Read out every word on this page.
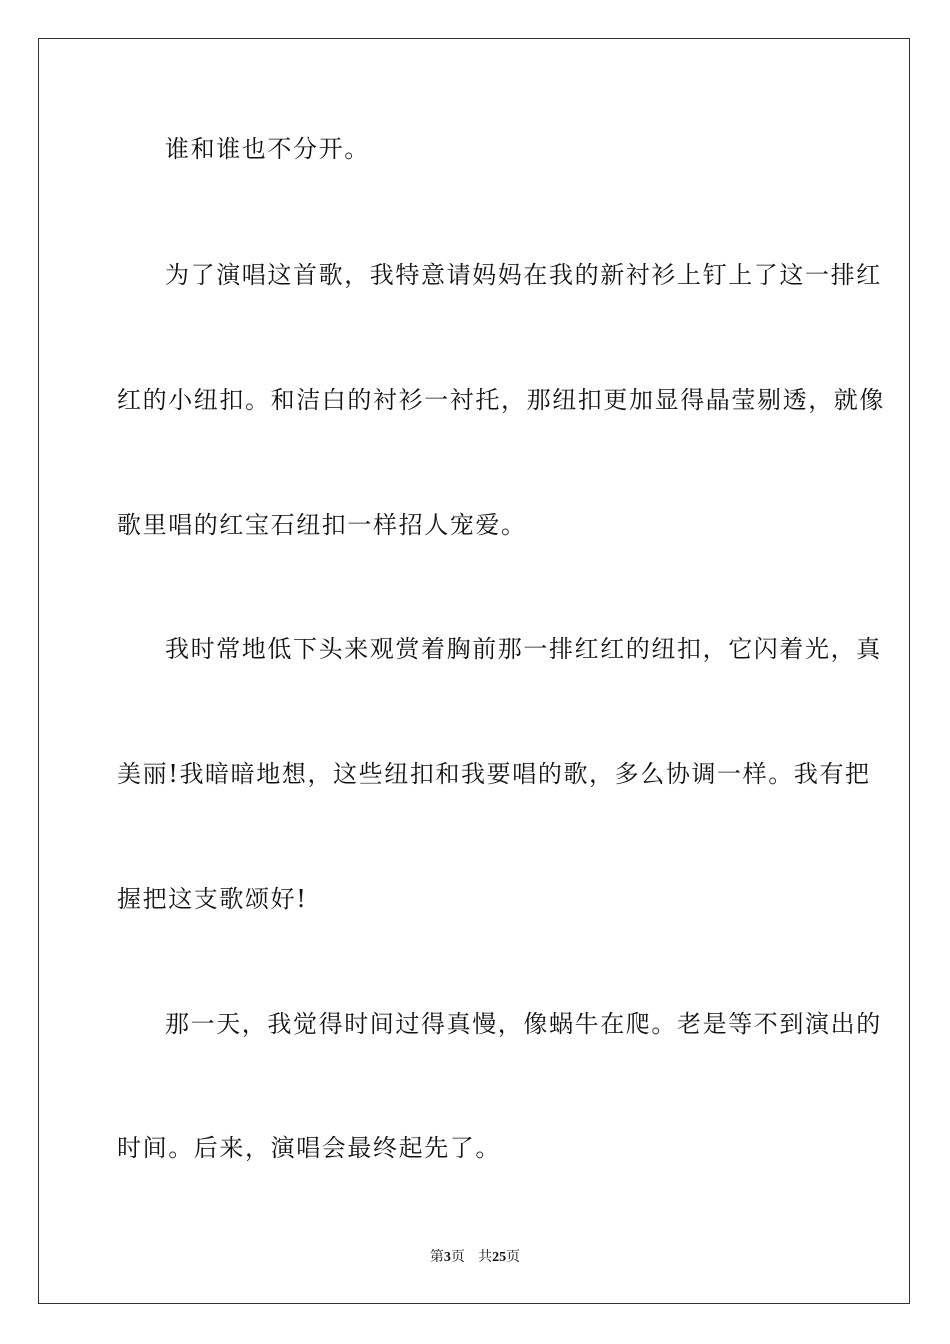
谁和谁也不分开。
为了演唱这首歌，我特意请妈妈在我的新衬衫上钉上了这一排红
红的小纽扣。和洁白的衬衫一衬托，那纽扣更加显得晶莹剔透，就像
歌里唱的红宝石纽扣一样招人宠爱。
我时常地低下头来观赏着胸前那一排红红的纽扣，它闪着光，真
美丽!我暗暗地想，这些纽扣和我要唱的歌，多么协调一样。我有把
握把这支歌颂好!
那一天，我觉得时间过得真慢，像蜗牛在爬。老是等不到演出的
时间。后来，演唱会最终起先了。
第3页 共25页
